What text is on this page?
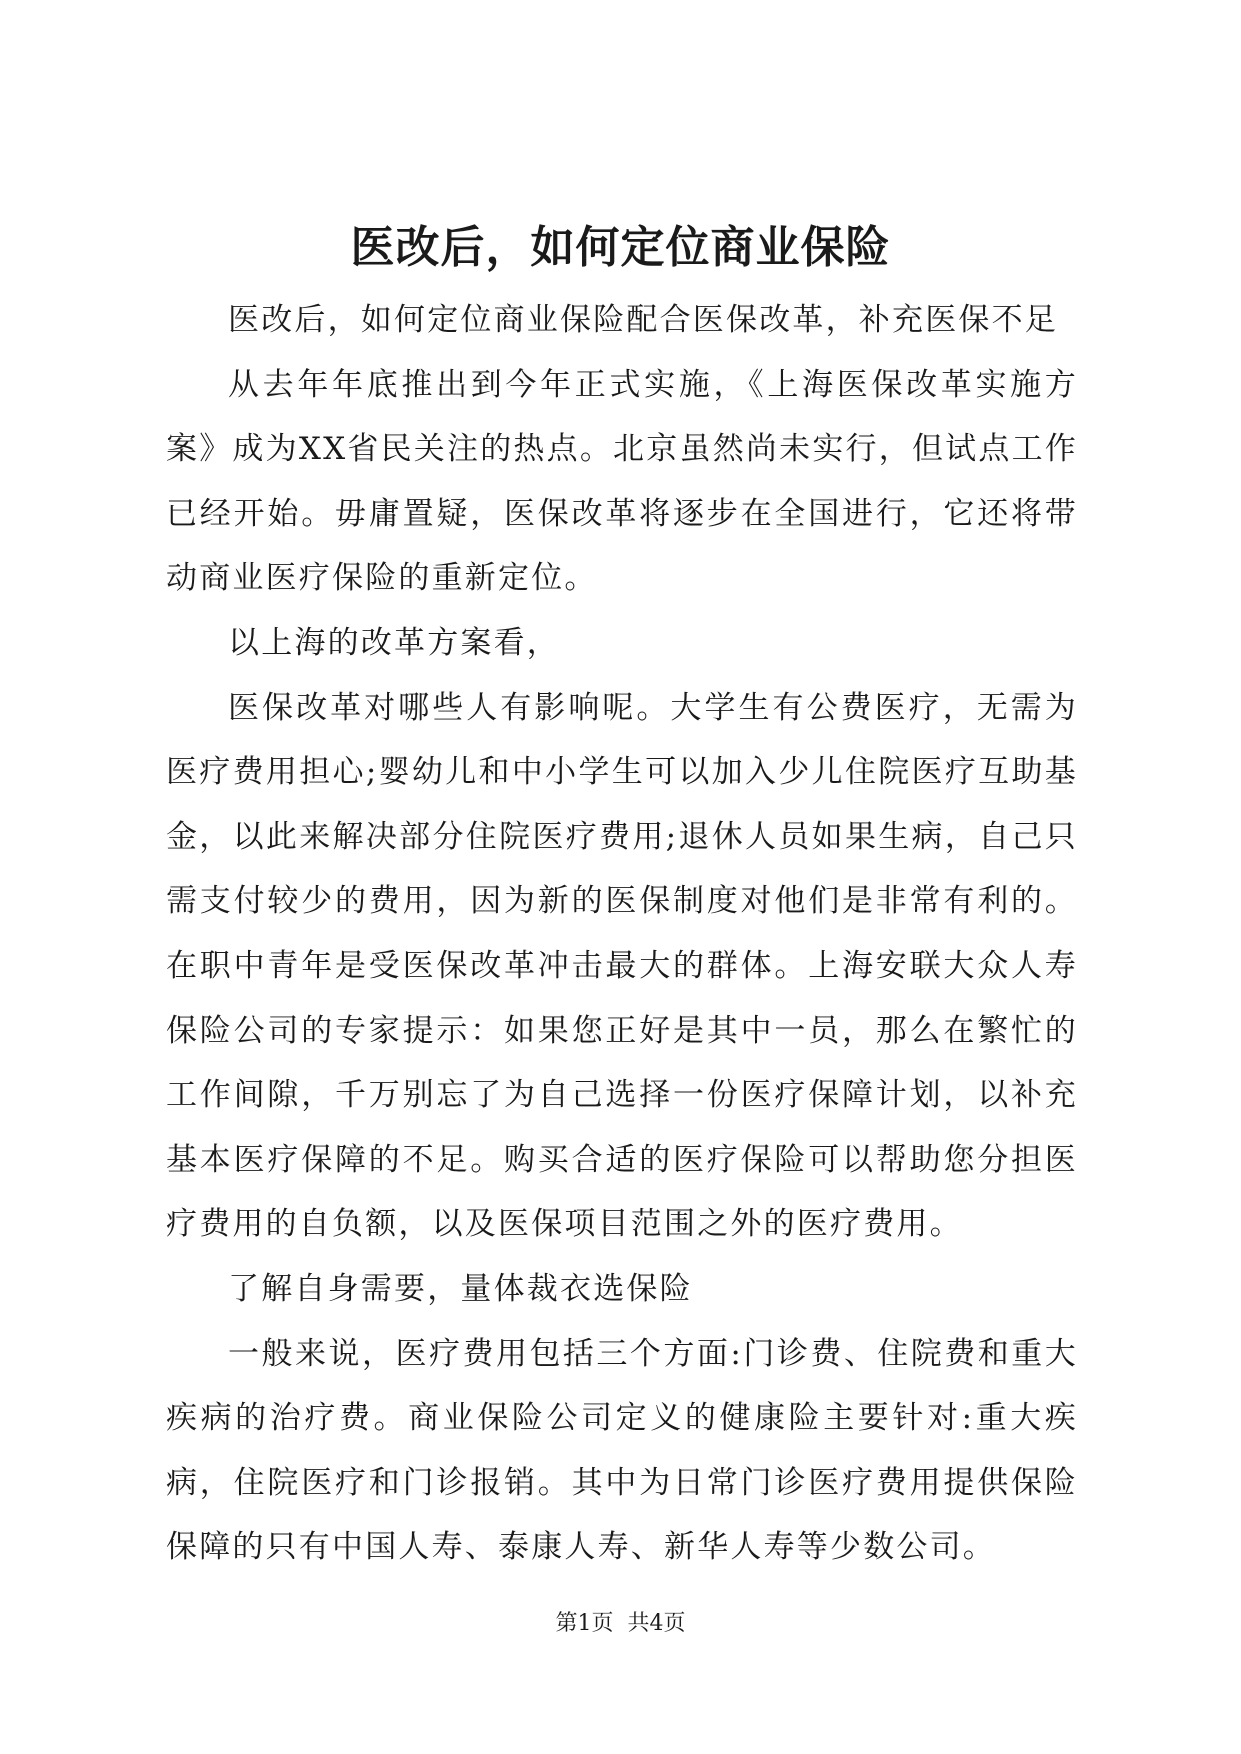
医改后，如何定位商业保险

医改后，如何定位商业保险配合医保改革，补充医保不足

从去年年底推出到今年正式实施，《上海医保改革实施方案》成为XX省民关注的热点。北京虽然尚未实行，但试点工作已经开始。毋庸置疑，医保改革将逐步在全国进行，它还将带动商业医疗保险的重新定位。

以上海的改革方案看，

医保改革对哪些人有影响呢。大学生有公费医疗，无需为医疗费用担心;婴幼儿和中小学生可以加入少儿住院医疗互助基金，以此来解决部分住院医疗费用;退休人员如果生病，自己只需支付较少的费用，因为新的医保制度对他们是非常有利的。在职中青年是受医保改革冲击最大的群体。上海安联大众人寿保险公司的专家提示：如果您正好是其中一员，那么在繁忙的工作间隙，千万别忘了为自己选择一份医疗保障计划，以补充基本医疗保障的不足。购买合适的医疗保险可以帮助您分担医疗费用的自负额，以及医保项目范围之外的医疗费用。

了解自身需要，量体裁衣选保险

一般来说，医疗费用包括三个方面:门诊费、住院费和重大疾病的治疗费。商业保险公司定义的健康险主要针对:重大疾病，住院医疗和门诊报销。其中为日常门诊医疗费用提供保险保障的只有中国人寿、泰康人寿、新华人寿等少数公司。

第1页  共4页
